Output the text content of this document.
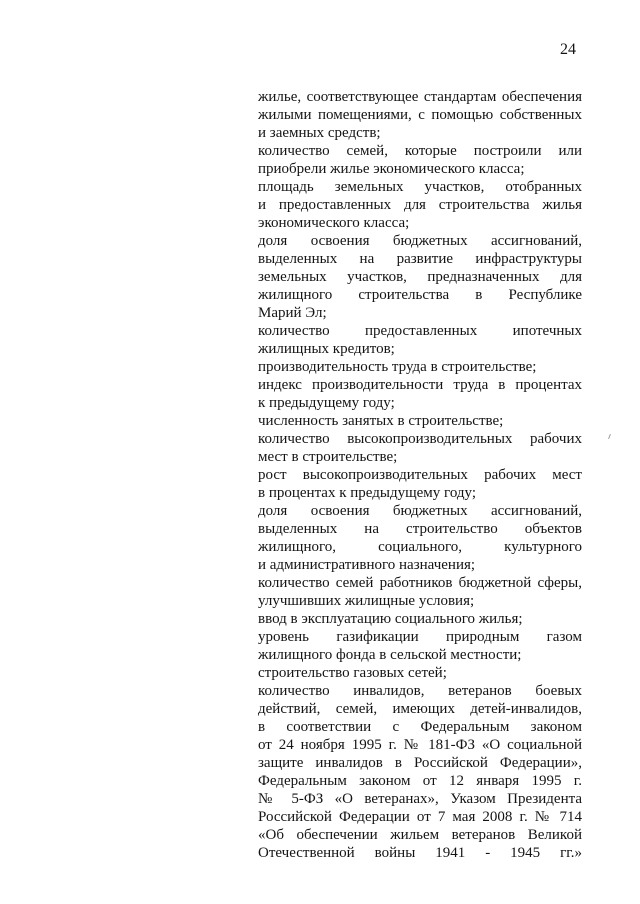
24
жилье, соответствующее стандартам обеспечения
жилыми помещениями, с помощью собственных
и заемных средств;
количество семей, которые построили или
приобрели жилье экономического класса;
площадь земельных участков, отобранных
и предоставленных для строительства жилья
экономического класса;
доля освоения бюджетных ассигнований,
выделенных на развитие инфраструктуры
земельных участков, предназначенных для
жилищного строительства в Республике
Марий Эл;
количество предоставленных ипотечных
жилищных кредитов;
производительность труда в строительстве;
индекс производительности труда в процентах
к предыдущему году;
численность занятых в строительстве;
количество высокопроизводительных рабочих
мест в строительстве;
рост высокопроизводительных рабочих мест
в процентах к предыдущему году;
доля освоения бюджетных ассигнований,
выделенных на строительство объектов
жилищного, социального, культурного
и административного назначения;
количество семей работников бюджетной сферы,
улучшивших жилищные условия;
ввод в эксплуатацию социального жилья;
уровень газификации природным газом
жилищного фонда в сельской местности;
строительство газовых сетей;
количество инвалидов, ветеранов боевых
действий, семей, имеющих детей-инвалидов,
в соответствии с Федеральным законом
от 24 ноября 1995 г. № 181-ФЗ «О социальной
защите инвалидов в Российской Федерации»,
Федеральным законом от 12 января 1995 г.
№ 5-ФЗ «О ветеранах», Указом Президента
Российской Федерации от 7 мая 2008 г. № 714
«Об обеспечении жильем ветеранов Великой
Отечественной войны 1941 - 1945 гг.»
